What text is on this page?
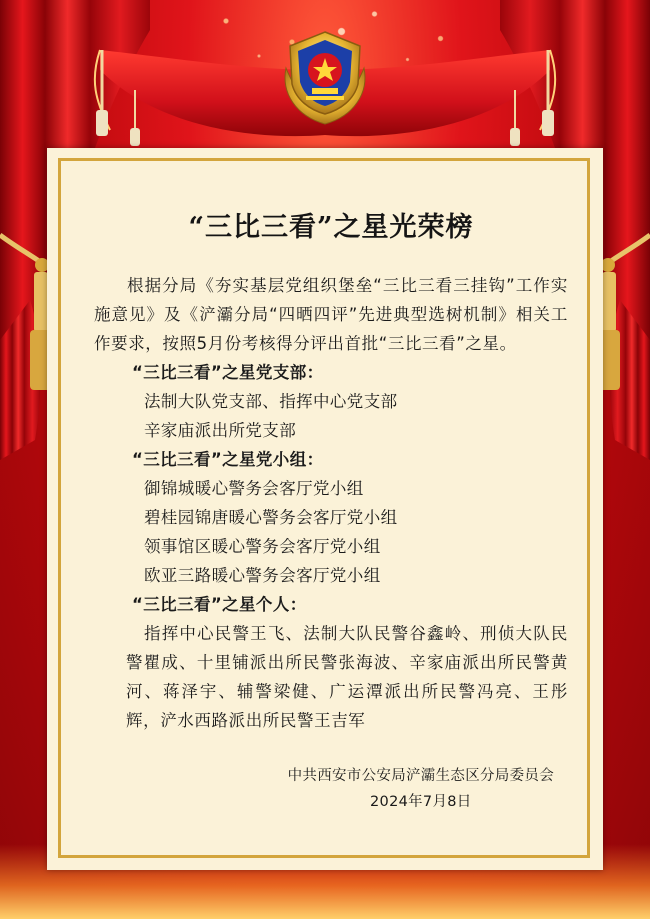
“三比三看”之星光荣榜

根据分局《夯实基层党组织堡垒“三比三看三挂钩”工作实施意见》及《浐灞分局“四晒四评”先进典型选树机制》相关工作要求，按照5月份考核得分评出首批“三比三看”之星。

“三比三看”之星党支部：

法制大队党支部、指挥中心党支部

辛家庙派出所党支部

“三比三看”之星党小组：

御锦城暖心警务会客厅党小组

碧桂园锦唐暖心警务会客厅党小组

领事馆区暖心警务会客厅党小组

欧亚三路暖心警务会客厅党小组

“三比三看”之星个人：

指挥中心民警王飞、法制大队民警谷鑫岭、刑侦大队民警瞿成、十里铺派出所民警张海波、辛家庙派出所民警黄河、蒋泽宇、辅警梁健、广运潭派出所民警冯亮、王彤辉，浐水西路派出所民警王吉军

中共西安市公安局浐灞生态区分局委员会
2024年7月8日
